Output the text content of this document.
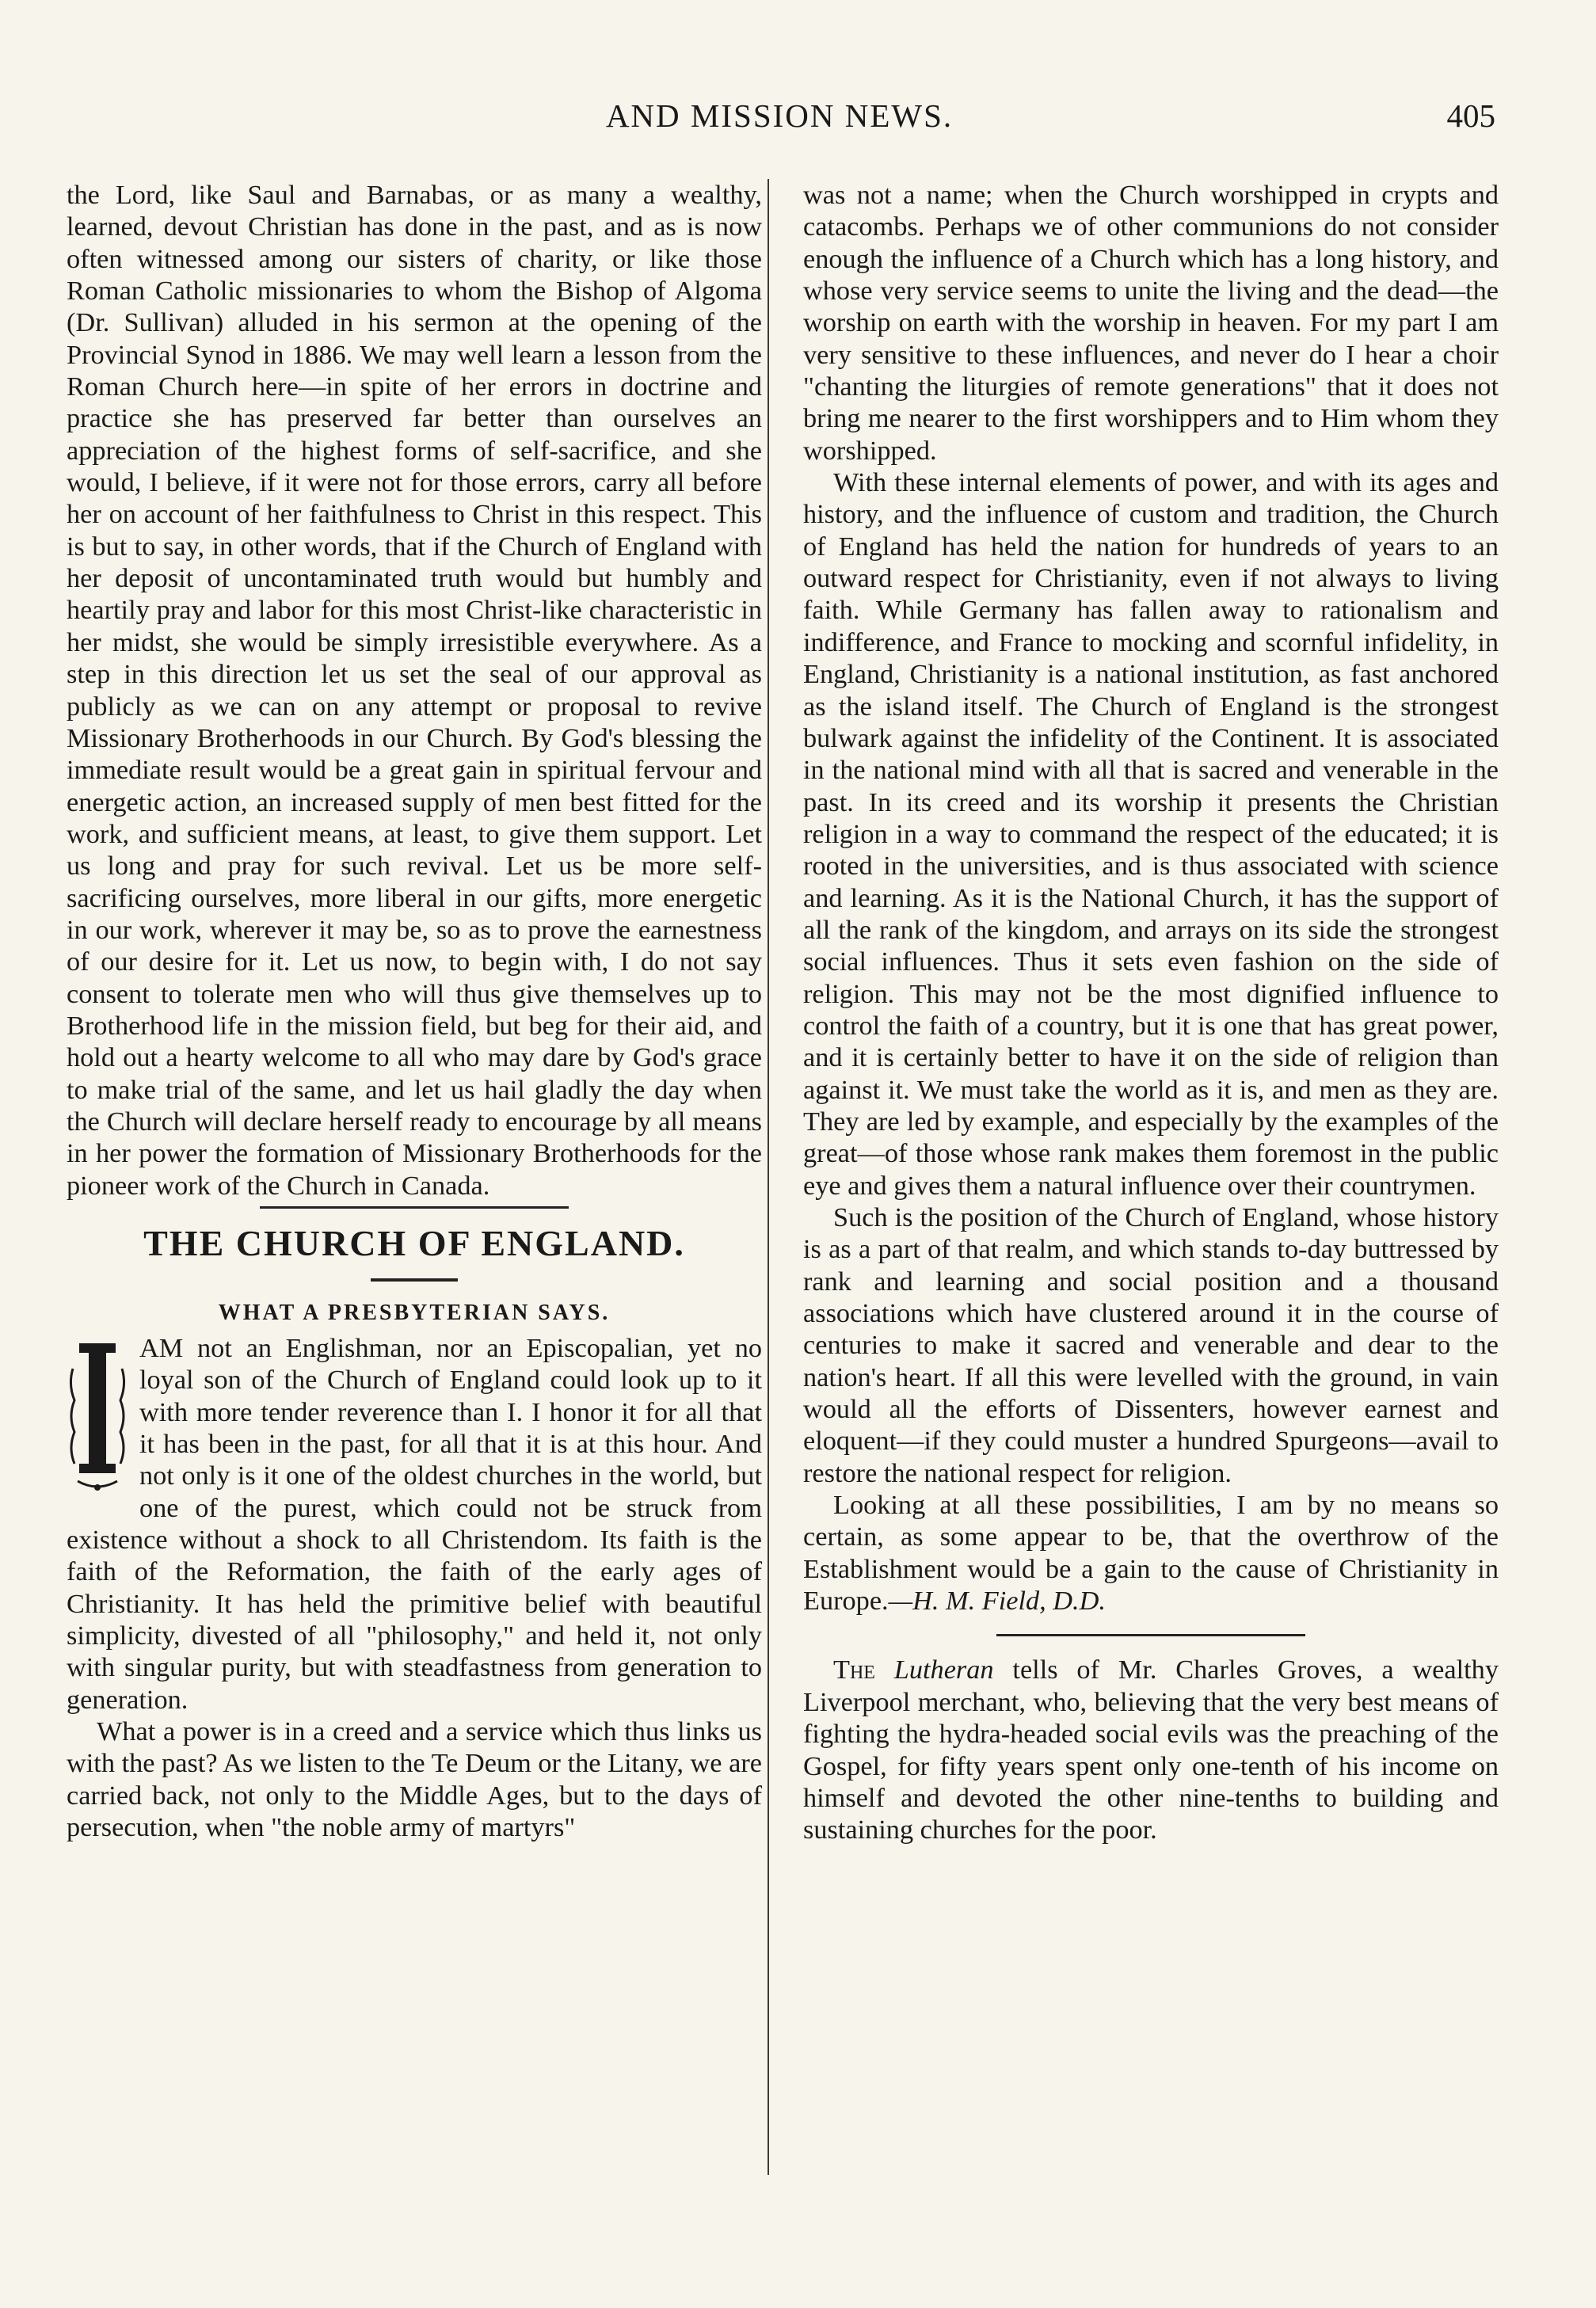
AND MISSION NEWS.	405

the Lord, like Saul and Barnabas, or as many a wealthy, learned, devout Christian has done in the past, and as is now often witnessed among our sisters of charity, or like those Roman Catholic missionaries to whom the Bishop of Algoma (Dr. Sullivan) alluded in his sermon at the opening of the Provincial Synod in 1886. We may well learn a lesson from the Roman Church here—in spite of her errors in doctrine and practice she has preserved far better than ourselves an appreciation of the highest forms of self-sacrifice, and she would, I believe, if it were not for those errors, carry all before her on account of her faithfulness to Christ in this respect. This is but to say, in other words, that if the Church of England with her deposit of uncontaminated truth would but humbly and heartily pray and labor for this most Christ-like characteristic in her midst, she would be simply irresistible everywhere. As a step in this direction let us set the seal of our approval as publicly as we can on any attempt or proposal to revive Missionary Brotherhoods in our Church. By God's blessing the immediate result would be a great gain in spiritual fervour and energetic action, an increased supply of men best fitted for the work, and sufficient means, at least, to give them support. Let us long and pray for such revival. Let us be more self-sacrificing ourselves, more liberal in our gifts, more energetic in our work, wherever it may be, so as to prove the earnestness of our desire for it. Let us now, to begin with, I do not say consent to tolerate men who will thus give themselves up to Brotherhood life in the mission field, but beg for their aid, and hold out a hearty welcome to all who may dare by God's grace to make trial of the same, and let us hail gladly the day when the Church will declare herself ready to encourage by all means in her power the formation of Missionary Brotherhoods for the pioneer work of the Church in Canada.

THE CHURCH OF ENGLAND.
WHAT A PRESBYTERIAN SAYS.

AM not an Englishman, nor an Episcopalian, yet no loyal son of the Church of England could look up to it with more tender reverence than I. I honor it for all that it has been in the past, for all that it is at this hour. And not only is it one of the oldest churches in the world, but one of the purest, which could not be struck from existence without a shock to all Christendom. Its faith is the faith of the Reformation, the faith of the early ages of Christianity. It has held the primitive belief with beautiful simplicity, divested of all "philosophy," and held it, not only with singular purity, but with steadfastness from generation to generation.

What a power is in a creed and a service which thus links us with the past? As we listen to the Te Deum or the Litany, we are carried back, not only to the Middle Ages, but to the days of persecution, when "the noble army of martyrs"

was not a name; when the Church worshipped in crypts and catacombs. Perhaps we of other communions do not consider enough the influence of a Church which has a long history, and whose very service seems to unite the living and the dead—the worship on earth with the worship in heaven. For my part I am very sensitive to these influences, and never do I hear a choir "chanting the liturgies of remote generations" that it does not bring me nearer to the first worshippers and to Him whom they worshipped.

With these internal elements of power, and with its ages and history, and the influence of custom and tradition, the Church of England has held the nation for hundreds of years to an outward respect for Christianity, even if not always to living faith. While Germany has fallen away to rationalism and indifference, and France to mocking and scornful infidelity, in England, Christianity is a national institution, as fast anchored as the island itself. The Church of England is the strongest bulwark against the infidelity of the Continent. It is associated in the national mind with all that is sacred and venerable in the past. In its creed and its worship it presents the Christian religion in a way to command the respect of the educated; it is rooted in the universities, and is thus associated with science and learning. As it is the National Church, it has the support of all the rank of the kingdom, and arrays on its side the strongest social influences. Thus it sets even fashion on the side of religion. This may not be the most dignified influence to control the faith of a country, but it is one that has great power, and it is certainly better to have it on the side of religion than against it. We must take the world as it is, and men as they are. They are led by example, and especially by the examples of the great—of those whose rank makes them foremost in the public eye and gives them a natural influence over their countrymen.

Such is the position of the Church of England, whose history is as a part of that realm, and which stands to-day buttressed by rank and learning and social position and a thousand associations which have clustered around it in the course of centuries to make it sacred and venerable and dear to the nation's heart. If all this were levelled with the ground, in vain would all the efforts of Dissenters, however earnest and eloquent—if they could muster a hundred Spurgeons—avail to restore the national respect for religion.

Looking at all these possibilities, I am by no means so certain, as some appear to be, that the overthrow of the Establishment would be a gain to the cause of Christianity in Europe.—H. M. Field, D.D.

The Lutheran tells of Mr. Charles Groves, a wealthy Liverpool merchant, who, believing that the very best means of fighting the hydra-headed social evils was the preaching of the Gospel, for fifty years spent only one-tenth of his income on himself and devoted the other nine-tenths to building and sustaining churches for the poor.
